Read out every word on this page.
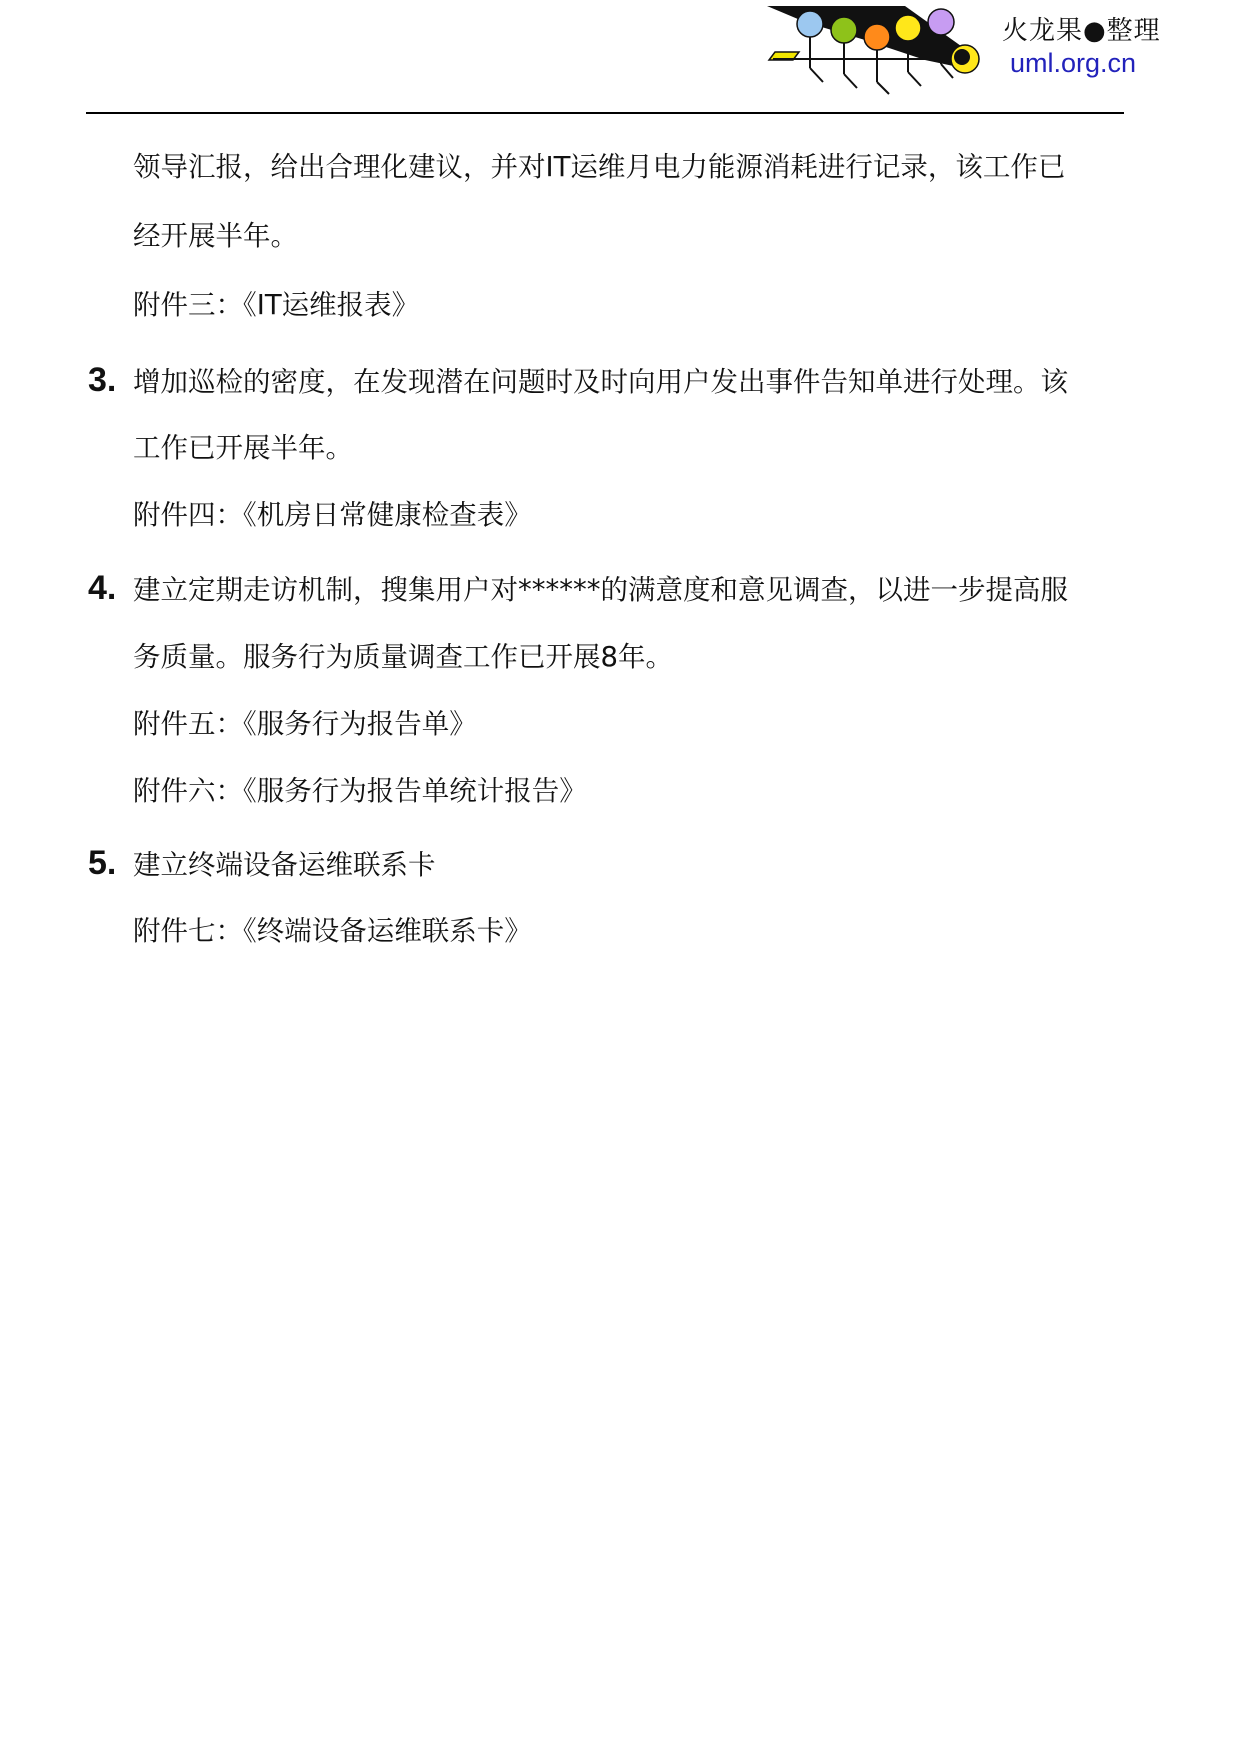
火龙果●整理
uml.org.cn
领导汇报，给出合理化建议，并对IT运维月电力能源消耗进行记录，该工作已
经开展半年。
附件三：《IT运维报表》
3. 增加巡检的密度，在发现潜在问题时及时向用户发出事件告知单进行处理。该
工作已开展半年。
附件四：《机房日常健康检查表》
4. 建立定期走访机制，搜集用户对******的满意度和意见调查，以进一步提高服
务质量。服务行为质量调查工作已开展8年。
附件五：《服务行为报告单》
附件六：《服务行为报告单统计报告》
5. 建立终端设备运维联系卡
附件七：《终端设备运维联系卡》
